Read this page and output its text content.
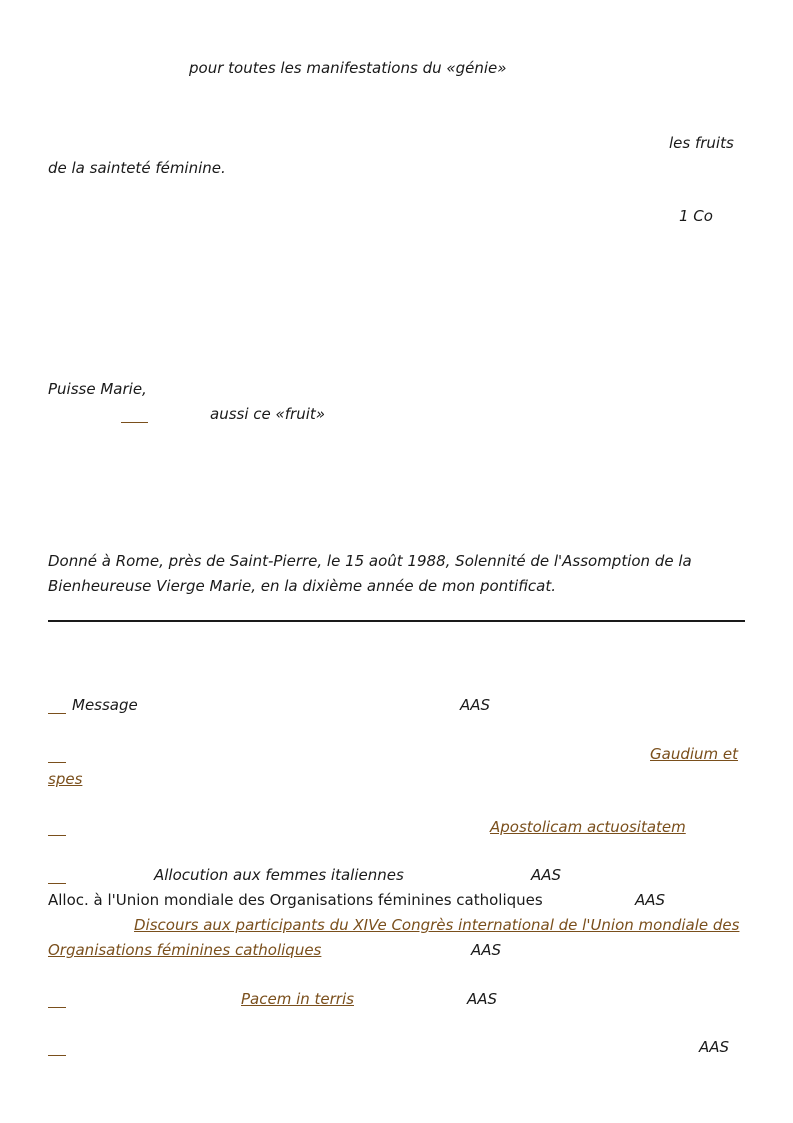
pour toutes les manifestations du «génie»
les fruits
de la sainteté féminine.
1 Co
Puisse Marie,
aussi ce «fruit»
Donné à Rome, près de Saint-Pierre, le 15 août 1988, Solennité de l'Assomption de la
Bienheureuse Vierge Marie, en la dixième année de mon pontificat.
Message	AAS
Gaudium et
spes
Apostolicam actuositatem
Allocution aux femmes italiennes	AAS
Alloc. à l'Union mondiale des Organisations féminines catholiques	AAS
Discours aux participants du XIVe Congrès international de l'Union mondiale des
Organisations féminines catholiques	AAS
Pacem in terris	AAS
AAS
